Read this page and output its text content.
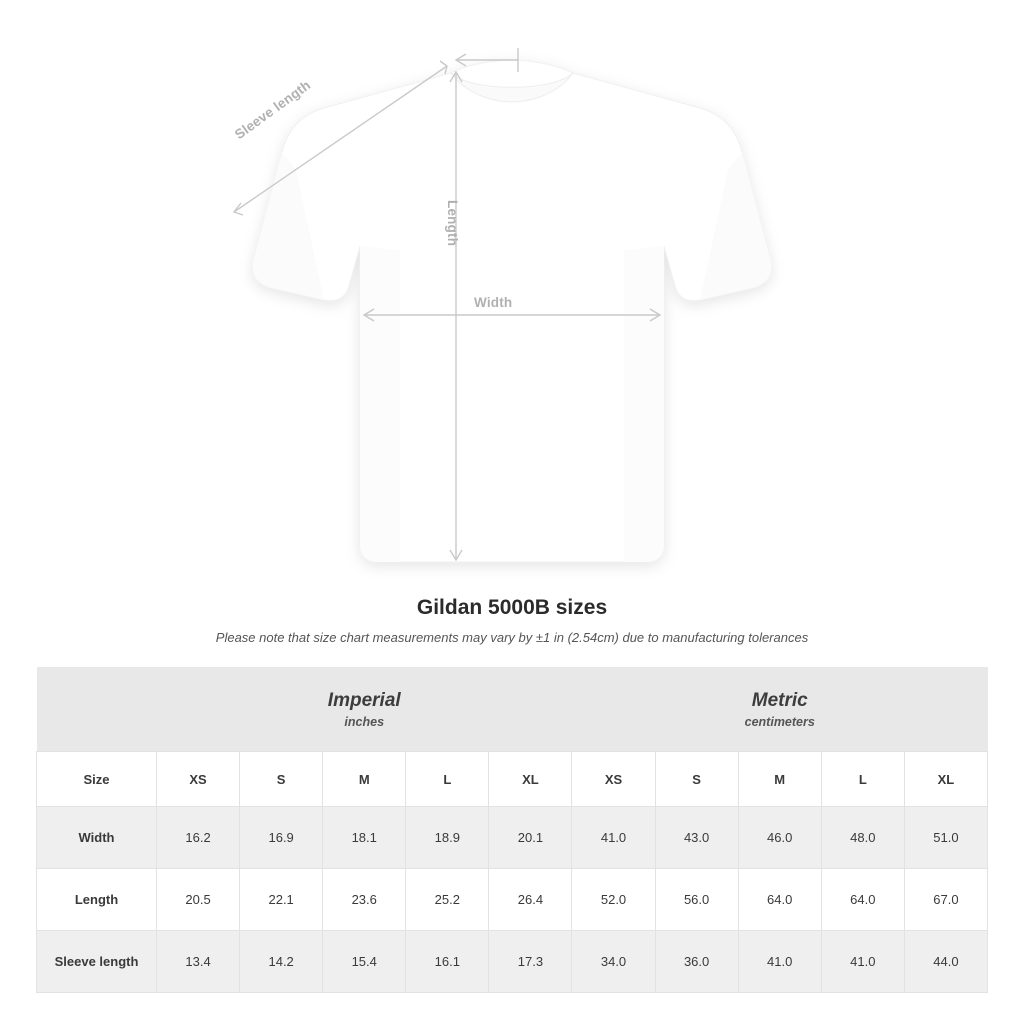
Width
Length
Sleeve length
Gildan 5000B sizes

Please note that size chart measurements may vary by ±1 in (2.54cm) due to manufacturing tolerances

	Imperial
inches					Metric
centimeters				

Size	XS	S	M	L	XL	XS	S	M	L	XL
Width	16.2	16.9	18.1	18.9	20.1	41.0	43.0	46.0	48.0	51.0
Length	20.5	22.1	23.6	25.2	26.4	52.0	56.0	64.0	64.0	67.0
Sleeve length	13.4	14.2	15.4	16.1	17.3	34.0	36.0	41.0	41.0	44.0
